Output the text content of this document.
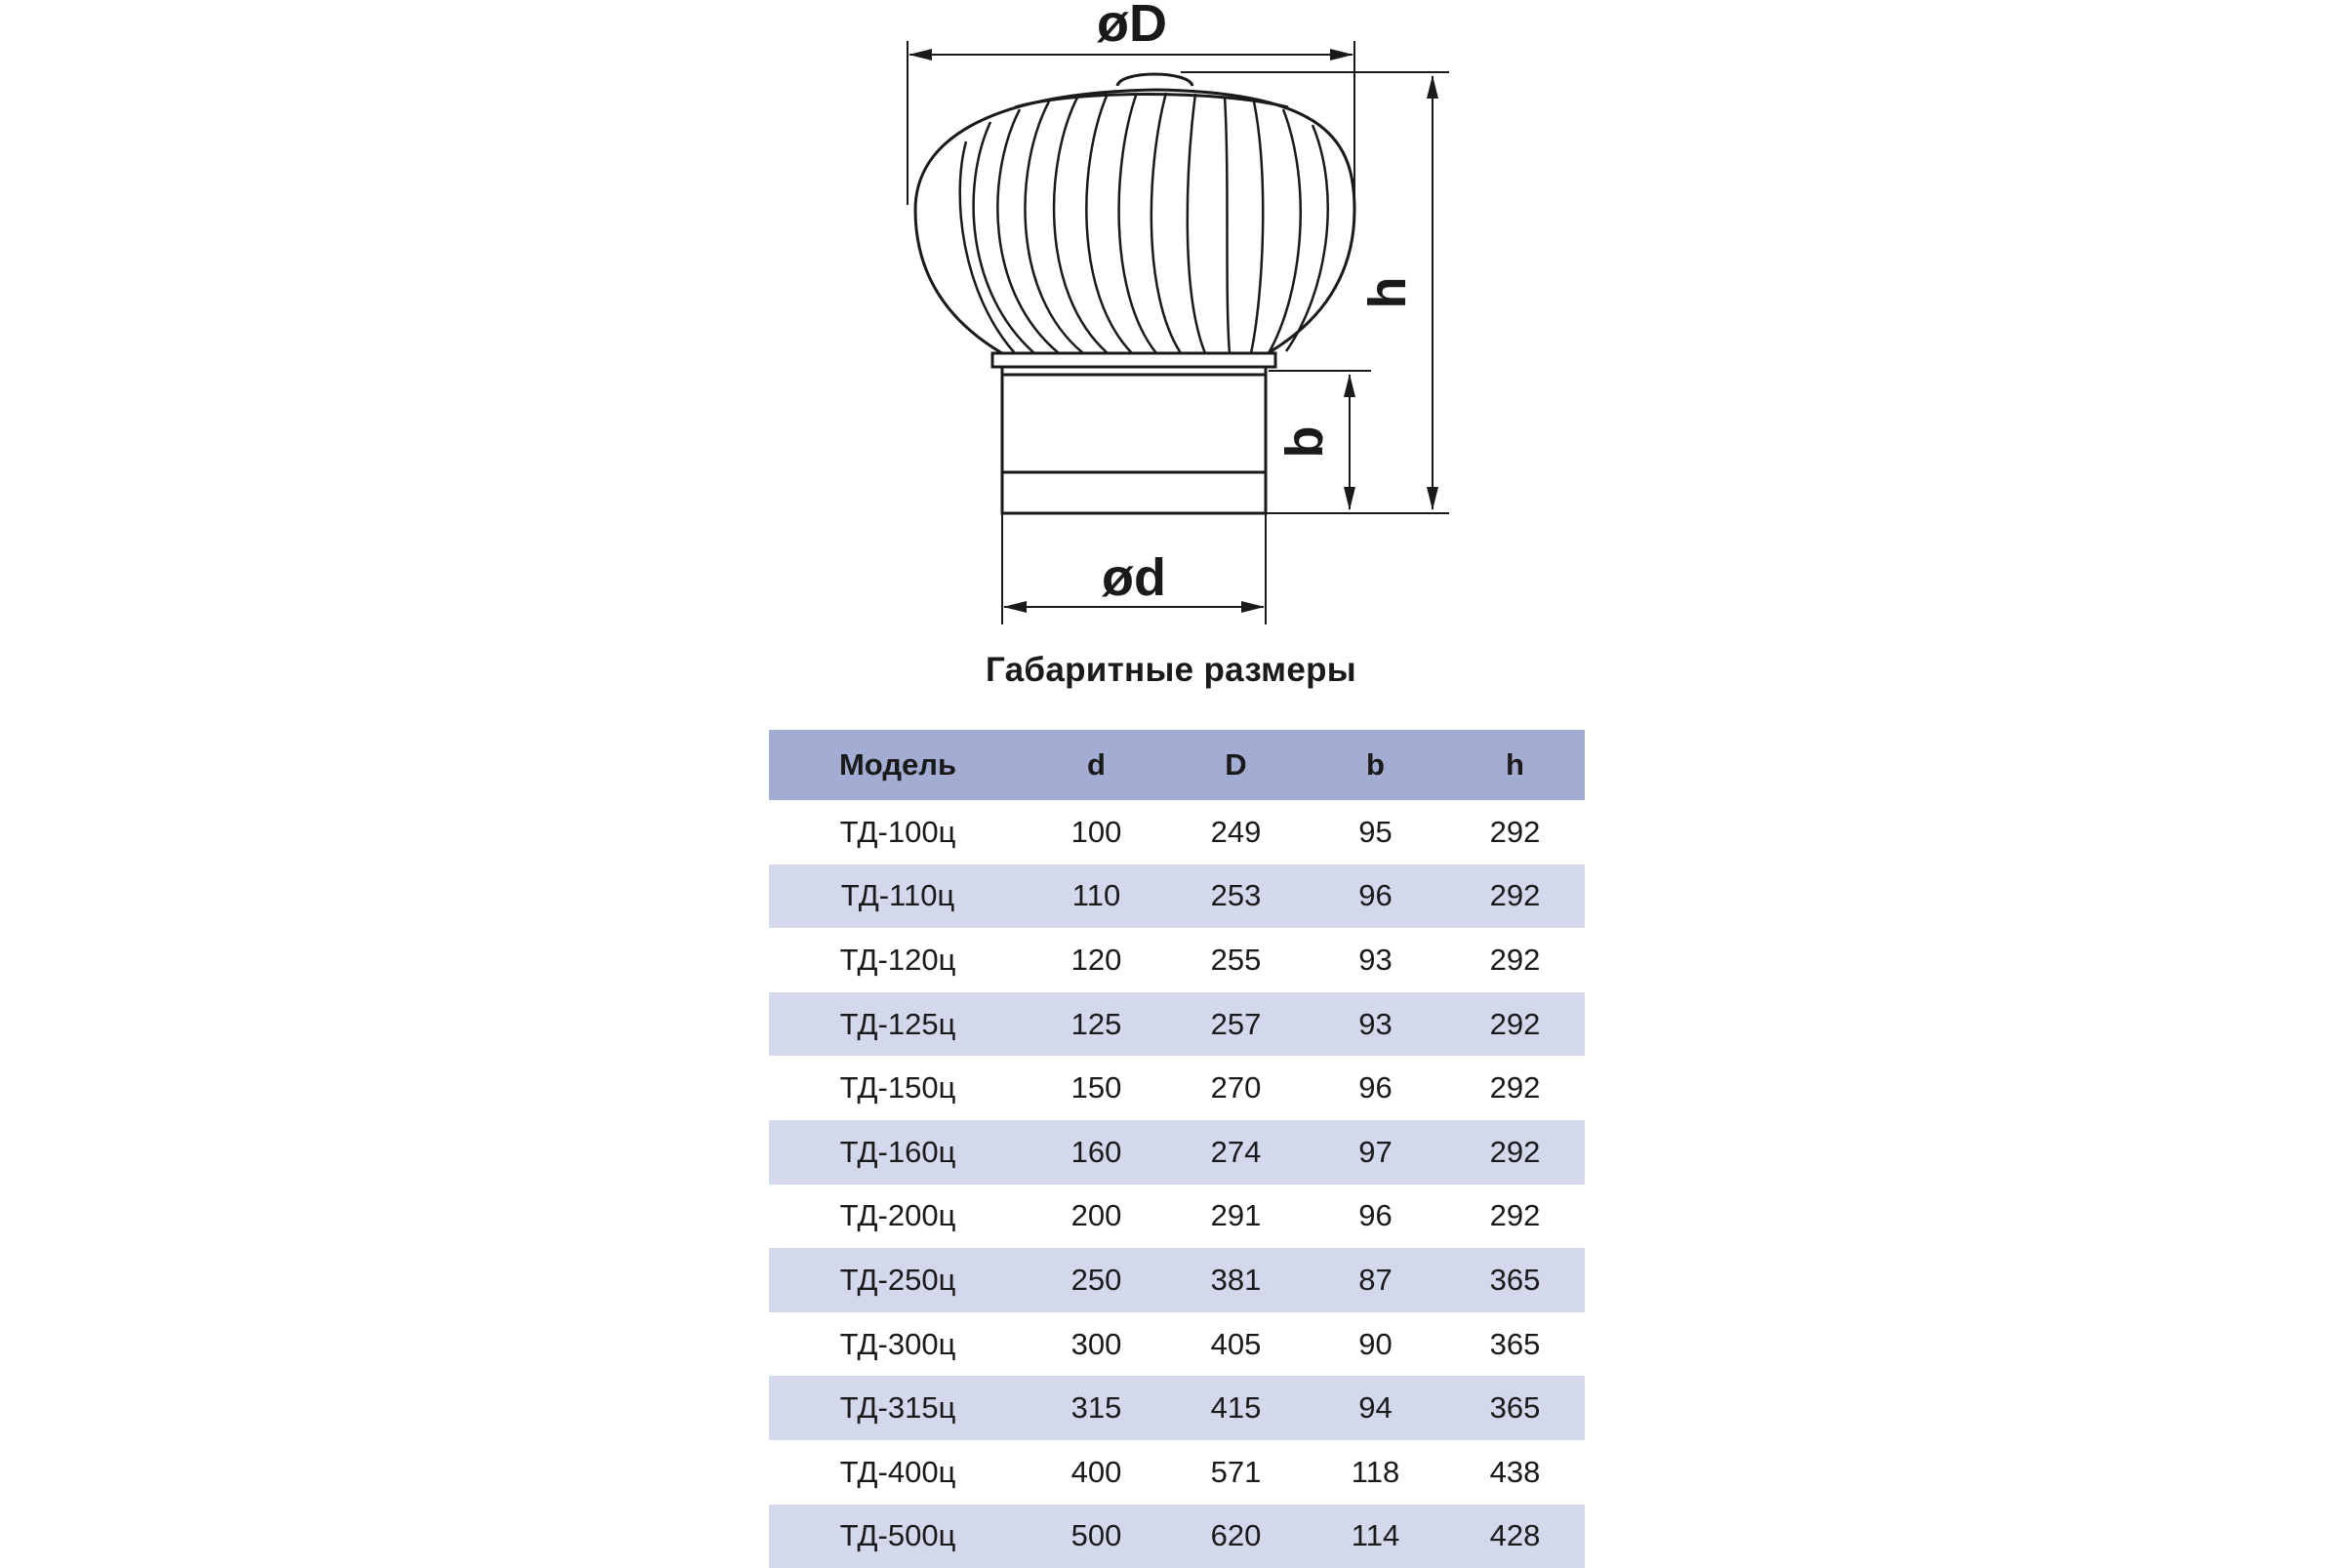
øD
h
b
ød
Габаритные размеры
Модель	d	D	b	h
ТД-100ц	100	249	95	292
ТД-110ц	110	253	96	292
ТД-120ц	120	255	93	292
ТД-125ц	125	257	93	292
ТД-150ц	150	270	96	292
ТД-160ц	160	274	97	292
ТД-200ц	200	291	96	292
ТД-250ц	250	381	87	365
ТД-300ц	300	405	90	365
ТД-315ц	315	415	94	365
ТД-400ц	400	571	118	438
ТД-500ц	500	620	114	428
